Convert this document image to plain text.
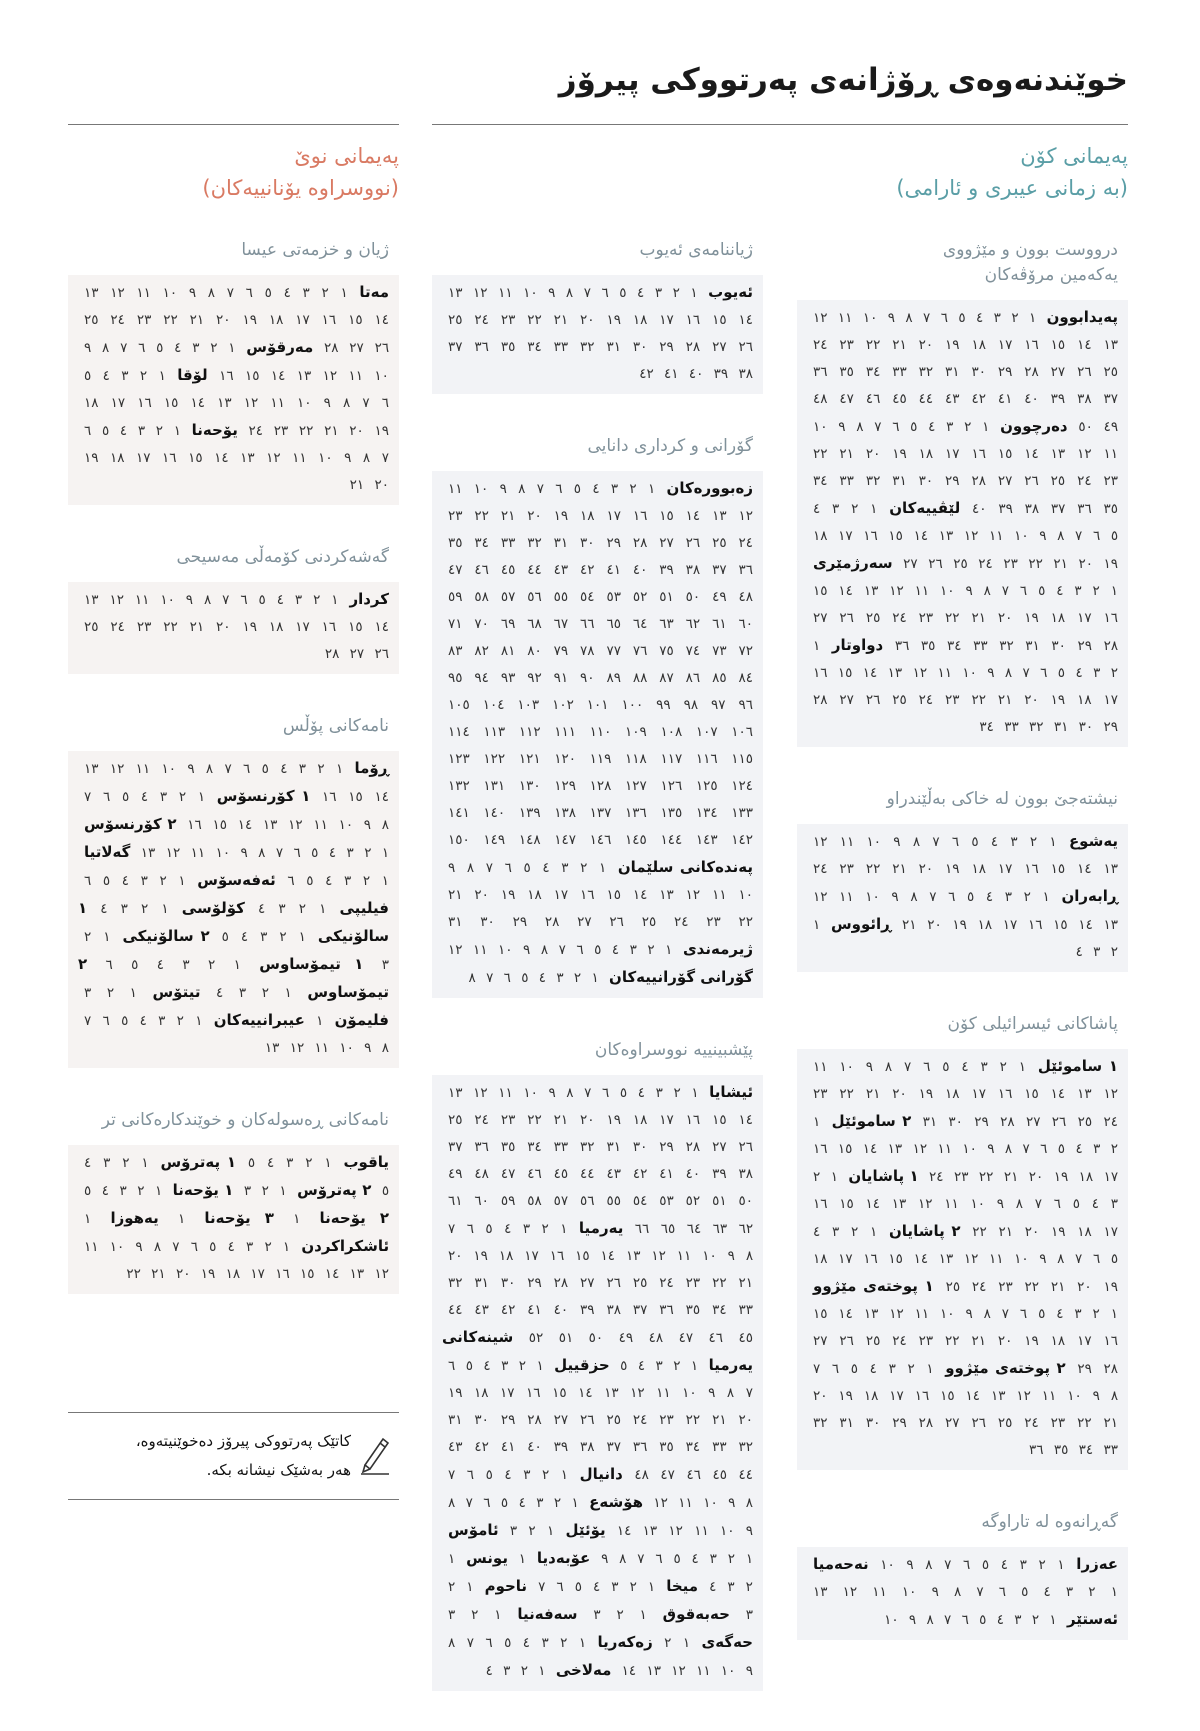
خوێندنەوەی ڕۆژانەی پەرتووکی پیرۆز
پەیمانی کۆن
(بە زمانی عیبری و ئارامی)
درووست بوون و مێژووی
یەکەمین مرۆڤەکان
پەیدابوون ١ ٢ ٣ ٤ ٥ ٦ ٧ ٨ ٩ ١٠ ١١ ١٢ ١٣ ١٤ ١٥ ١٦ ١٧ ١٨ ١٩ ٢٠ ٢١ ٢٢ ٢٣ ٢٤ ٢٥ ٢٦ ٢٧ ٢٨ ٢٩ ٣٠ ٣١ ٣٢ ٣٣ ٣٤ ٣٥ ٣٦ ٣٧ ٣٨ ٣٩ ٤٠ ٤١ ٤٢ ٤٣ ٤٤ ٤٥ ٤٦ ٤٧ ٤٨ ٤٩ ٥٠ دەرچوون ١ ٢ ٣ ٤ ٥ ٦ ٧ ٨ ٩ ١٠ ١١ ١٢ ١٣ ١٤ ١٥ ١٦ ١٧ ١٨ ١٩ ٢٠ ٢١ ٢٢ ٢٣ ٢٤ ٢٥ ٢٦ ٢٧ ٢٨ ٢٩ ٣٠ ٣١ ٣٢ ٣٣ ٣٤ ٣٥ ٣٦ ٣٧ ٣٨ ٣٩ ٤٠ لێڤییەکان ١ ٢ ٣ ٤ ٥ ٦ ٧ ٨ ٩ ١٠ ١١ ١٢ ١٣ ١٤ ١٥ ١٦ ١٧ ١٨ ١٩ ٢٠ ٢١ ٢٢ ٢٣ ٢٤ ٢٥ ٢٦ ٢٧ سەرژمێری ١ ٢ ٣ ٤ ٥ ٦ ٧ ٨ ٩ ١٠ ١١ ١٢ ١٣ ١٤ ١٥ ١٦ ١٧ ١٨ ١٩ ٢٠ ٢١ ٢٢ ٢٣ ٢٤ ٢٥ ٢٦ ٢٧ ٢٨ ٢٩ ٣٠ ٣١ ٣٢ ٣٣ ٣٤ ٣٥ ٣٦ دواوتار ١ ٢ ٣ ٤ ٥ ٦ ٧ ٨ ٩ ١٠ ١١ ١٢ ١٣ ١٤ ١٥ ١٦ ١٧ ١٨ ١٩ ٢٠ ٢١ ٢٢ ٢٣ ٢٤ ٢٥ ٢٦ ٢٧ ٢٨ ٢٩ ٣٠ ٣١ ٣٢ ٣٣ ٣٤
نیشتەجێ بوون لە خاکی بەڵێندراو
یەشوع ١ ٢ ٣ ٤ ٥ ٦ ٧ ٨ ٩ ١٠ ١١ ١٢ ١٣ ١٤ ١٥ ١٦ ١٧ ١٨ ١٩ ٢٠ ٢١ ٢٢ ٢٣ ٢٤ ڕابەران ١ ٢ ٣ ٤ ٥ ٦ ٧ ٨ ٩ ١٠ ١١ ١٢ ١٣ ١٤ ١٥ ١٦ ١٧ ١٨ ١٩ ٢٠ ٢١ ڕائووس ١ ٢ ٣ ٤
پاشاکانی ئیسرائیلی کۆن
١ ساموئێل ١ ٢ ٣ ٤ ٥ ٦ ٧ ٨ ٩ ١٠ ١١ ١٢ ١٣ ١٤ ١٥ ١٦ ١٧ ١٨ ١٩ ٢٠ ٢١ ٢٢ ٢٣ ٢٤ ٢٥ ٢٦ ٢٧ ٢٨ ٢٩ ٣٠ ٣١ ٢ ساموئێل ١ ٢ ٣ ٤ ٥ ٦ ٧ ٨ ٩ ١٠ ١١ ١٢ ١٣ ١٤ ١٥ ١٦ ١٧ ١٨ ١٩ ٢٠ ٢١ ٢٢ ٢٣ ٢٤ ١ پاشایان ١ ٢ ٣ ٤ ٥ ٦ ٧ ٨ ٩ ١٠ ١١ ١٢ ١٣ ١٤ ١٥ ١٦ ١٧ ١٨ ١٩ ٢٠ ٢١ ٢٢ ٢ پاشایان ١ ٢ ٣ ٤ ٥ ٦ ٧ ٨ ٩ ١٠ ١١ ١٢ ١٣ ١٤ ١٥ ١٦ ١٧ ١٨ ١٩ ٢٠ ٢١ ٢٢ ٢٣ ٢٤ ٢٥ ١ پوختەی مێژوو ١ ٢ ٣ ٤ ٥ ٦ ٧ ٨ ٩ ١٠ ١١ ١٢ ١٣ ١٤ ١٥ ١٦ ١٧ ١٨ ١٩ ٢٠ ٢١ ٢٢ ٢٣ ٢٤ ٢٥ ٢٦ ٢٧ ٢٨ ٢٩ ٢ پوختەی مێژوو ١ ٢ ٣ ٤ ٥ ٦ ٧ ٨ ٩ ١٠ ١١ ١٢ ١٣ ١٤ ١٥ ١٦ ١٧ ١٨ ١٩ ٢٠ ٢١ ٢٢ ٢٣ ٢٤ ٢٥ ٢٦ ٢٧ ٢٨ ٢٩ ٣٠ ٣١ ٣٢ ٣٣ ٣٤ ٣٥ ٣٦
گەڕانەوە لە تاراوگە
عەزرا ١ ٢ ٣ ٤ ٥ ٦ ٧ ٨ ٩ ١٠ نەحەمیا ١ ٢ ٣ ٤ ٥ ٦ ٧ ٨ ٩ ١٠ ١١ ١٢ ١٣ ئەستێر ١ ٢ ٣ ٤ ٥ ٦ ٧ ٨ ٩ ١٠
ژیاننامەی ئەیوب
ئەیوب ١ ٢ ٣ ٤ ٥ ٦ ٧ ٨ ٩ ١٠ ١١ ١٢ ١٣ ١٤ ١٥ ١٦ ١٧ ١٨ ١٩ ٢٠ ٢١ ٢٢ ٢٣ ٢٤ ٢٥ ٢٦ ٢٧ ٢٨ ٢٩ ٣٠ ٣١ ٣٢ ٣٣ ٣٤ ٣٥ ٣٦ ٣٧ ٣٨ ٣٩ ٤٠ ٤١ ٤٢
گۆرانی و کرداری دانایی
زەبوورەکان ١ ٢ ٣ ٤ ٥ ٦ ٧ ٨ ٩ ١٠ ١١ ١٢ ١٣ ١٤ ١٥ ١٦ ١٧ ١٨ ١٩ ٢٠ ٢١ ٢٢ ٢٣ ٢٤ ٢٥ ٢٦ ٢٧ ٢٨ ٢٩ ٣٠ ٣١ ٣٢ ٣٣ ٣٤ ٣٥ ٣٦ ٣٧ ٣٨ ٣٩ ٤٠ ٤١ ٤٢ ٤٣ ٤٤ ٤٥ ٤٦ ٤٧ ٤٨ ٤٩ ٥٠ ٥١ ٥٢ ٥٣ ٥٤ ٥٥ ٥٦ ٥٧ ٥٨ ٥٩ ٦٠ ٦١ ٦٢ ٦٣ ٦٤ ٦٥ ٦٦ ٦٧ ٦٨ ٦٩ ٧٠ ٧١ ٧٢ ٧٣ ٧٤ ٧٥ ٧٦ ٧٧ ٧٨ ٧٩ ٨٠ ٨١ ٨٢ ٨٣ ٨٤ ٨٥ ٨٦ ٨٧ ٨٨ ٨٩ ٩٠ ٩١ ٩٢ ٩٣ ٩٤ ٩٥ ٩٦ ٩٧ ٩٨ ٩٩ ١٠٠ ١٠١ ١٠٢ ١٠٣ ١٠٤ ١٠٥ ١٠٦ ١٠٧ ١٠٨ ١٠٩ ١١٠ ١١١ ١١٢ ١١٣ ١١٤ ١١٥ ١١٦ ١١٧ ١١٨ ١١٩ ١٢٠ ١٢١ ١٢٢ ١٢٣ ١٢٤ ١٢٥ ١٢٦ ١٢٧ ١٢٨ ١٢٩ ١٣٠ ١٣١ ١٣٢ ١٣٣ ١٣٤ ١٣٥ ١٣٦ ١٣٧ ١٣٨ ١٣٩ ١٤٠ ١٤١ ١٤٢ ١٤٣ ١٤٤ ١٤٥ ١٤٦ ١٤٧ ١٤٨ ١٤٩ ١٥٠ پەندەکانی سلێمان ١ ٢ ٣ ٤ ٥ ٦ ٧ ٨ ٩ ١٠ ١١ ١٢ ١٣ ١٤ ١٥ ١٦ ١٧ ١٨ ١٩ ٢٠ ٢١ ٢٢ ٢٣ ٢٤ ٢٥ ٢٦ ٢٧ ٢٨ ٢٩ ٣٠ ٣١ ژیرمەندی ١ ٢ ٣ ٤ ٥ ٦ ٧ ٨ ٩ ١٠ ١١ ١٢ گۆرانی گۆرانییەکان ١ ٢ ٣ ٤ ٥ ٦ ٧ ٨
پێشبینییە نووسراوەکان
ئیشایا ١ ٢ ٣ ٤ ٥ ٦ ٧ ٨ ٩ ١٠ ١١ ١٢ ١٣ ١٤ ١٥ ١٦ ١٧ ١٨ ١٩ ٢٠ ٢١ ٢٢ ٢٣ ٢٤ ٢٥ ٢٦ ٢٧ ٢٨ ٢٩ ٣٠ ٣١ ٣٢ ٣٣ ٣٤ ٣٥ ٣٦ ٣٧ ٣٨ ٣٩ ٤٠ ٤١ ٤٢ ٤٣ ٤٤ ٤٥ ٤٦ ٤٧ ٤٨ ٤٩ ٥٠ ٥١ ٥٢ ٥٣ ٥٤ ٥٥ ٥٦ ٥٧ ٥٨ ٥٩ ٦٠ ٦١ ٦٢ ٦٣ ٦٤ ٦٥ ٦٦ یەرمیا ١ ٢ ٣ ٤ ٥ ٦ ٧ ٨ ٩ ١٠ ١١ ١٢ ١٣ ١٤ ١٥ ١٦ ١٧ ١٨ ١٩ ٢٠ ٢١ ٢٢ ٢٣ ٢٤ ٢٥ ٢٦ ٢٧ ٢٨ ٢٩ ٣٠ ٣١ ٣٢ ٣٣ ٣٤ ٣٥ ٣٦ ٣٧ ٣٨ ٣٩ ٤٠ ٤١ ٤٢ ٤٣ ٤٤ ٤٥ ٤٦ ٤٧ ٤٨ ٤٩ ٥٠ ٥١ ٥٢ شینەکانی یەرمیا ١ ٢ ٣ ٤ ٥ حزقییل ١ ٢ ٣ ٤ ٥ ٦ ٧ ٨ ٩ ١٠ ١١ ١٢ ١٣ ١٤ ١٥ ١٦ ١٧ ١٨ ١٩ ٢٠ ٢١ ٢٢ ٢٣ ٢٤ ٢٥ ٢٦ ٢٧ ٢٨ ٢٩ ٣٠ ٣١ ٣٢ ٣٣ ٣٤ ٣٥ ٣٦ ٣٧ ٣٨ ٣٩ ٤٠ ٤١ ٤٢ ٤٣ ٤٤ ٤٥ ٤٦ ٤٧ ٤٨ دانیال ١ ٢ ٣ ٤ ٥ ٦ ٧ ٨ ٩ ١٠ ١١ ١٢ هۆشەع ١ ٢ ٣ ٤ ٥ ٦ ٧ ٨ ٩ ١٠ ١١ ١٢ ١٣ ١٤ یۆئێل ١ ٢ ٣ ئامۆس ١ ٢ ٣ ٤ ٥ ٦ ٧ ٨ ٩ عۆبەدیا ١ یونس ١ ٢ ٣ ٤ میخا ١ ٢ ٣ ٤ ٥ ٦ ٧ ناحوم ١ ٢ ٣ حەبەقوق ١ ٢ ٣ سەفەنیا ١ ٢ ٣ حەگەی ١ ٢ زەکەریا ١ ٢ ٣ ٤ ٥ ٦ ٧ ٨ ٩ ١٠ ١١ ١٢ ١٣ ١٤ مەلاخی ١ ٢ ٣ ٤
پەیمانی نوێ
(نووسراوە یۆنانییەکان)
ژیان و خزمەتی عیسا
مەتا ١ ٢ ٣ ٤ ٥ ٦ ٧ ٨ ٩ ١٠ ١١ ١٢ ١٣ ١٤ ١٥ ١٦ ١٧ ١٨ ١٩ ٢٠ ٢١ ٢٢ ٢٣ ٢٤ ٢٥ ٢٦ ٢٧ ٢٨ مەرقۆس ١ ٢ ٣ ٤ ٥ ٦ ٧ ٨ ٩ ١٠ ١١ ١٢ ١٣ ١٤ ١٥ ١٦ لۆقا ١ ٢ ٣ ٤ ٥ ٦ ٧ ٨ ٩ ١٠ ١١ ١٢ ١٣ ١٤ ١٥ ١٦ ١٧ ١٨ ١٩ ٢٠ ٢١ ٢٢ ٢٣ ٢٤ یۆحەنا ١ ٢ ٣ ٤ ٥ ٦ ٧ ٨ ٩ ١٠ ١١ ١٢ ١٣ ١٤ ١٥ ١٦ ١٧ ١٨ ١٩ ٢٠ ٢١
گەشەکردنی کۆمەڵی مەسیحی
کردار ١ ٢ ٣ ٤ ٥ ٦ ٧ ٨ ٩ ١٠ ١١ ١٢ ١٣ ١٤ ١٥ ١٦ ١٧ ١٨ ١٩ ٢٠ ٢١ ٢٢ ٢٣ ٢٤ ٢٥ ٢٦ ٢٧ ٢٨
نامەکانی پۆڵس
ڕۆما ١ ٢ ٣ ٤ ٥ ٦ ٧ ٨ ٩ ١٠ ١١ ١٢ ١٣ ١٤ ١٥ ١٦ ١ کۆرنسۆس ١ ٢ ٣ ٤ ٥ ٦ ٧ ٨ ٩ ١٠ ١١ ١٢ ١٣ ١٤ ١٥ ١٦ ٢ کۆرنسۆس ١ ٢ ٣ ٤ ٥ ٦ ٧ ٨ ٩ ١٠ ١١ ١٢ ١٣ گەلاتیا ١ ٢ ٣ ٤ ٥ ٦ ئەفەسۆس ١ ٢ ٣ ٤ ٥ ٦ فیلیپی ١ ٢ ٣ ٤ کۆلۆسی ١ ٢ ٣ ٤ ١ سالۆنیکی ١ ٢ ٣ ٤ ٥ ٢ سالۆنیکی ١ ٢ ٣ ١ تیمۆساوس ١ ٢ ٣ ٤ ٥ ٦ ٢ تیمۆساوس ١ ٢ ٣ ٤ تیتۆس ١ ٢ ٣ فلیمۆن ١ عیبرانییەکان ١ ٢ ٣ ٤ ٥ ٦ ٧ ٨ ٩ ١٠ ١١ ١٢ ١٣
نامەکانی ڕەسولەکان و خوێندکارەکانی تر
یاقوب ١ ٢ ٣ ٤ ٥ ١ پەترۆس ١ ٢ ٣ ٤ ٥ ٢ پەترۆس ١ ٢ ٣ ١ یۆحەنا ١ ٢ ٣ ٤ ٥ ٢ یۆحەنا ١ ٣ یۆحەنا ١ یەهوزا ١ ئاشکراکردن ١ ٢ ٣ ٤ ٥ ٦ ٧ ٨ ٩ ١٠ ١١ ١٢ ١٣ ١٤ ١٥ ١٦ ١٧ ١٨ ١٩ ٢٠ ٢١ ٢٢
کاتێک پەرتووکی پیرۆز دەخوێنیتەوە،
هەر بەشێک نیشانە بکە.
